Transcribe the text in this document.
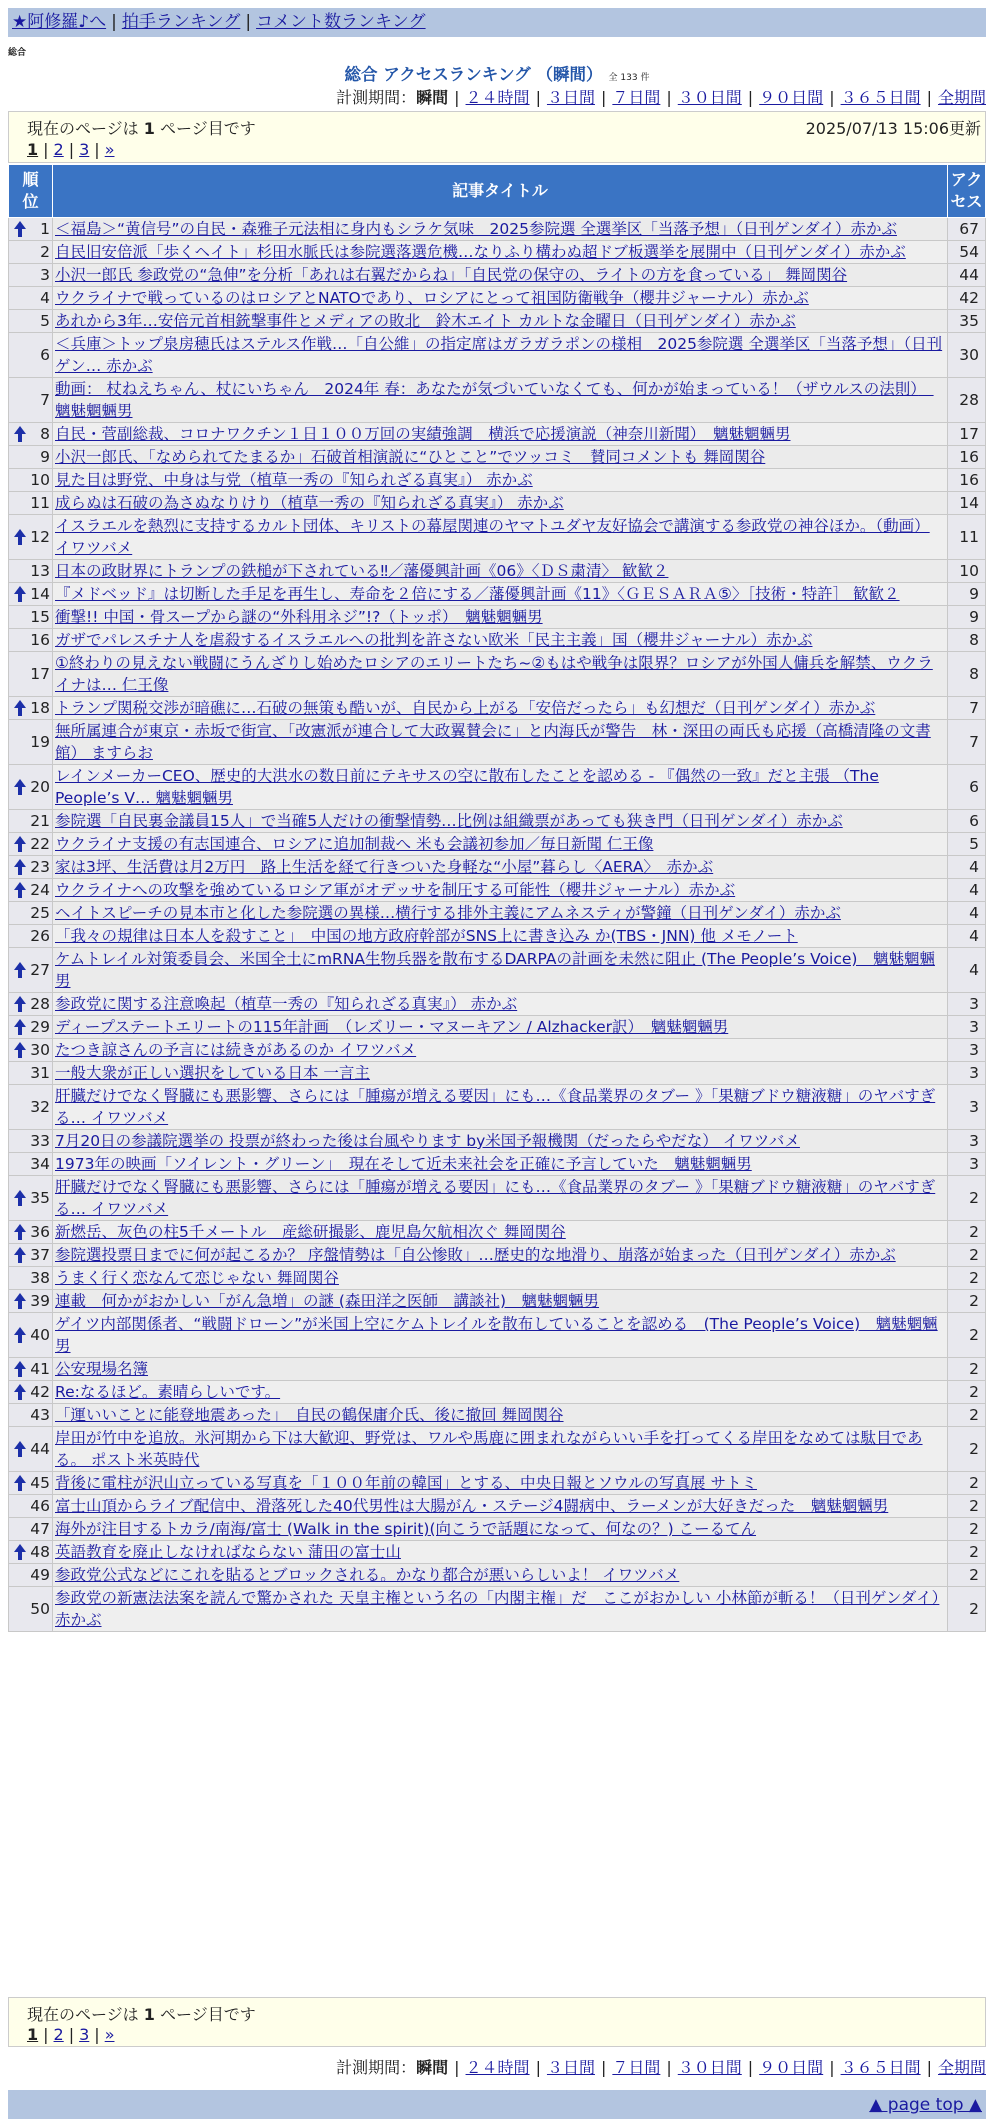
★阿修羅♪へ | 拍手ランキング | コメント数ランキング
総合
総合 アクセスランキング （瞬間） 全 133 件
計測期間：瞬間 | ２４時間 | ３日間 | ７日間 | ３０日間 | ９０日間 | ３６５日間 | 全期間
現在のページは 1 ページ目です	2025/07/13 15:06更新
1 | 2 | 3 | »
順
位	記事タイトル	アク
セス

1	＜福島＞“黄信号”の自民・森雅子元法相に身内もシラケ気味　2025参院選 全選挙区「当落予想」（日刊ゲンダイ）赤かぶ	67
2	自民旧安倍派「歩くヘイト」杉田水脈氏は参院選落選危機…なりふり構わぬ超ドブ板選挙を展開中（日刊ゲンダイ）赤かぶ	54
3	小沢一郎氏 参政党の“急伸”を分析「あれは右翼だからね」「自民党の保守の、ライトの方を食っている」 舞岡関谷	44
4	ウクライナで戦っているのはロシアとNATOであり、ロシアにとって祖国防衛戦争（櫻井ジャーナル）赤かぶ	42
5	あれから3年…安倍元首相銃撃事件とメディアの敗北　鈴木エイト カルトな金曜日（日刊ゲンダイ）赤かぶ	35
6	＜兵庫＞トップ泉房穂氏はステルス作戦…「自公維」の指定席はガラガラポンの様相　2025参院選 全選挙区「当落予想」（日刊ゲン… 赤かぶ	30
7	動画： 杖ねえちゃん、杖にいちゃん　2024年 春：あなたが気づいていなくても、何かが始まっている！（ザウルスの法則）　魑魅魍魎男	28

8	自民・菅副総裁、コロナワクチン１日１００万回の実績強調　横浜で応援演説（神奈川新聞）　魑魅魍魎男	17
9	小沢一郎氏、「なめられてたまるか」石破首相演説に“ひとこと”でツッコミ　賛同コメントも 舞岡関谷	16
10	見た目は野党、中身は与党（植草一秀の『知られざる真実』） 赤かぶ	16
11	成らぬは石破の為さぬなりけり（植草一秀の『知られざる真実』） 赤かぶ	14

12	イスラエルを熱烈に支持するカルト団体、キリストの幕屋関連のヤマトユダヤ友好協会で講演する参政党の神谷ほか。（動画） イワツバメ	11
13	日本の政財界にトランプの鉄槌が下されている‼／藩優興計画《06》〈ＤＳ粛清〉 歓歓２	10

14	『メドベッド』は切断した手足を再生し、寿命を２倍にする／藩優興計画《11》〈ＧＥＳＡＲＡ⑤〉［技術・特許］ 歓歓２	9
15	衝撃!! 中国・骨スープから謎の“外科用ネジ”!?（トッポ）　魑魅魍魎男	9
16	ガザでパレスチナ人を虐殺するイスラエルへの批判を許さない欧米「民主主義」国（櫻井ジャーナル）赤かぶ	8
17	①終わりの見えない戦闘にうんざりし始めたロシアのエリートたち~②もはや戦争は限界？ロシアが外国人傭兵を解禁、ウクライナは… 仁王像	8

18	トランプ関税交渉が暗礁に…石破の無策も酷いが、自民から上がる「安倍だったら」も幻想だ（日刊ゲンダイ）赤かぶ	7
19	無所属連合が東京・赤坂で街宣、「改憲派が連合して大政翼賛会に」と内海氏が警告　林・深田の両氏も応援（高橋清隆の文書館） ますらお	7

20	レインメーカーCEO、歴史的大洪水の数日前にテキサスの空に散布したことを認める - 『偶然の一致』だと主張 （The People’s V… 魑魅魍魎男	6
21	参院選「自民裏金議員15人」で当確5人だけの衝撃情勢…比例は組織票があっても狭き門（日刊ゲンダイ）赤かぶ	6

22	ウクライナ支援の有志国連合、ロシアに追加制裁へ 米も会議初参加／毎日新聞 仁王像	5

23	家は3坪、生活費は月2万円　路上生活を経て行きついた身軽な“小屋”暮らし〈AERA〉　赤かぶ	4

24	ウクライナへの攻撃を強めているロシア軍がオデッサを制圧する可能性（櫻井ジャーナル）赤かぶ	4
25	ヘイトスピーチの見本市と化した参院選の異様…横行する排外主義にアムネスティが警鐘（日刊ゲンダイ）赤かぶ	4
26	「我々の規律は日本人を殺すこと」　中国の地方政府幹部がSNS上に書き込み か(TBS・JNN) 他 メモノート	4

27	ケムトレイル対策委員会、米国全土にmRNA生物兵器を散布するDARPAの計画を未然に阻止 (The People’s Voice)　魑魅魍魎男	4

28	参政党に関する注意喚起（植草一秀の『知られざる真実』） 赤かぶ	3

29	ディープステートエリートの115年計画　（レズリー・マヌーキアン / Alzhacker訳）　魑魅魍魎男	3

30	たつき諒さんの予言には続きがあるのか イワツバメ	3
31	一般大衆が正しい選択をしている日本 一言主	3
32	肝臓だけでなく腎臓にも悪影響、さらには「腫瘍が増える要因」にも…《食品業界のタブー 》「果糖ブドウ糖液糖」のヤバすぎる… イワツバメ	3
33	7月20日の参議院選挙の 投票が終わった後は台風やります by米国予報機関（だったらやだな） イワツバメ	3
34	1973年の映画「ソイレント・グリーン」　現在そして近未来社会を正確に予言していた　魑魅魍魎男	3

35	肝臓だけでなく腎臓にも悪影響、さらには「腫瘍が増える要因」にも…《食品業界のタブー 》「果糖ブドウ糖液糖」のヤバすぎる… イワツバメ	2

36	新燃岳、灰色の柱5千メートル　産総研撮影、鹿児島欠航相次ぐ 舞岡関谷	2

37	参院選投票日までに何が起こるか？ 序盤情勢は「自公惨敗」…歴史的な地滑り、崩落が始まった（日刊ゲンダイ）赤かぶ	2
38	うまく行く恋なんて恋じゃない 舞岡関谷	2

39	連載　何かがおかしい「がん急増」の謎 (森田洋之医師　講談社)　魑魅魍魎男	2

40	ゲイツ内部関係者、“戦闘ドローン”が米国上空にケムトレイルを散布していることを認める　(The People’s Voice)　魑魅魍魎男	2

41	公安現場名簿	2

42	Re:なるほど。素晴らしいです。	2
43	「運いいことに能登地震あった」　自民の鶴保庸介氏、後に撤回 舞岡関谷	2

44	岸田が竹中を追放。氷河期から下は大歓迎、野党は、ワルや馬鹿に囲まれながらいい手を打ってくる岸田をなめては駄目である。 ポスト米英時代	2

45	背後に電柱が沢山立っている写真を「１００年前の韓国」とする、中央日報とソウルの写真展 サトミ	2
46	富士山頂からライブ配信中、滑落死した40代男性は大腸がん・ステージ4闘病中、ラーメンが大好きだった　魑魅魍魎男	2
47	海外が注目するトカラ/南海/富士 (Walk in the spirit)(向こうで話題になって、何なの？) こーるてん	2

48	英語教育を廃止しなければならない 蒲田の富士山	2
49	参政党公式などにこれを貼るとブロックされる。かなり都合が悪いらしいよ！ イワツバメ	2
50	参政党の新憲法法案を読んで驚かされた 天皇主権という名の「内閣主権」だ　ここがおかしい 小林節が斬る！（日刊ゲンダイ）赤かぶ	2
現在のページは 1 ページ目です
1 | 2 | 3 | »
計測期間：瞬間 | ２４時間 | ３日間 | ７日間 | ３０日間 | ９０日間 | ３６５日間 | 全期間
▲ page top ▲
